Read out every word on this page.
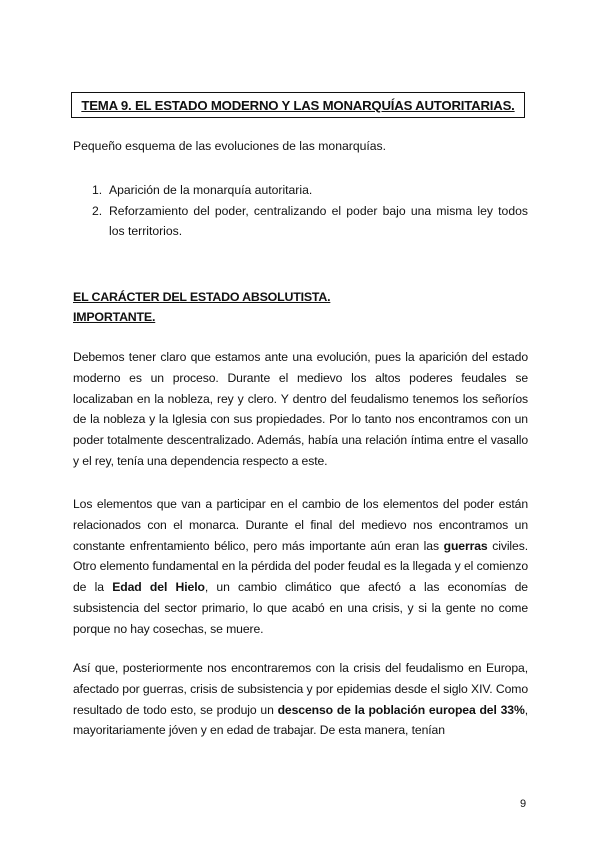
TEMA 9. EL ESTADO MODERNO Y LAS MONARQUÍAS AUTORITARIAS.
Pequeño esquema de las evoluciones de las monarquías.
1. Aparición de la monarquía autoritaria.
2. Reforzamiento del poder, centralizando el poder bajo una misma ley todos los territorios.
EL CARÁCTER DEL ESTADO ABSOLUTISTA.
IMPORTANTE.

Debemos tener claro que estamos ante una evolución, pues la aparición del estado moderno es un proceso. Durante el medievo los altos poderes feudales se localizaban en la nobleza, rey y clero. Y dentro del feudalismo tenemos los señoríos de la nobleza y la Iglesia con sus propiedades. Por lo tanto nos encontramos con un poder totalmente descentralizado. Además, había una relación íntima entre el vasallo y el rey, tenía una dependencia respecto a este.

Los elementos que van a participar en el cambio de los elementos del poder están relacionados con el monarca. Durante el final del medievo nos encontramos un constante enfrentamiento bélico, pero más importante aún eran las guerras civiles. Otro elemento fundamental en la pérdida del poder feudal es la llegada y el comienzo de la Edad del Hielo, un cambio climático que afectó a las economías de subsistencia del sector primario, lo que acabó en una crisis, y si la gente no come porque no hay cosechas, se muere.

Así que, posteriormente nos encontraremos con la crisis del feudalismo en Europa, afectado por guerras, crisis de subsistencia y por epidemias desde el siglo XIV. Como resultado de todo esto, se produjo un descenso de la población europea del 33%, mayoritariamente jóven y en edad de trabajar. De esta manera, tenían

9
